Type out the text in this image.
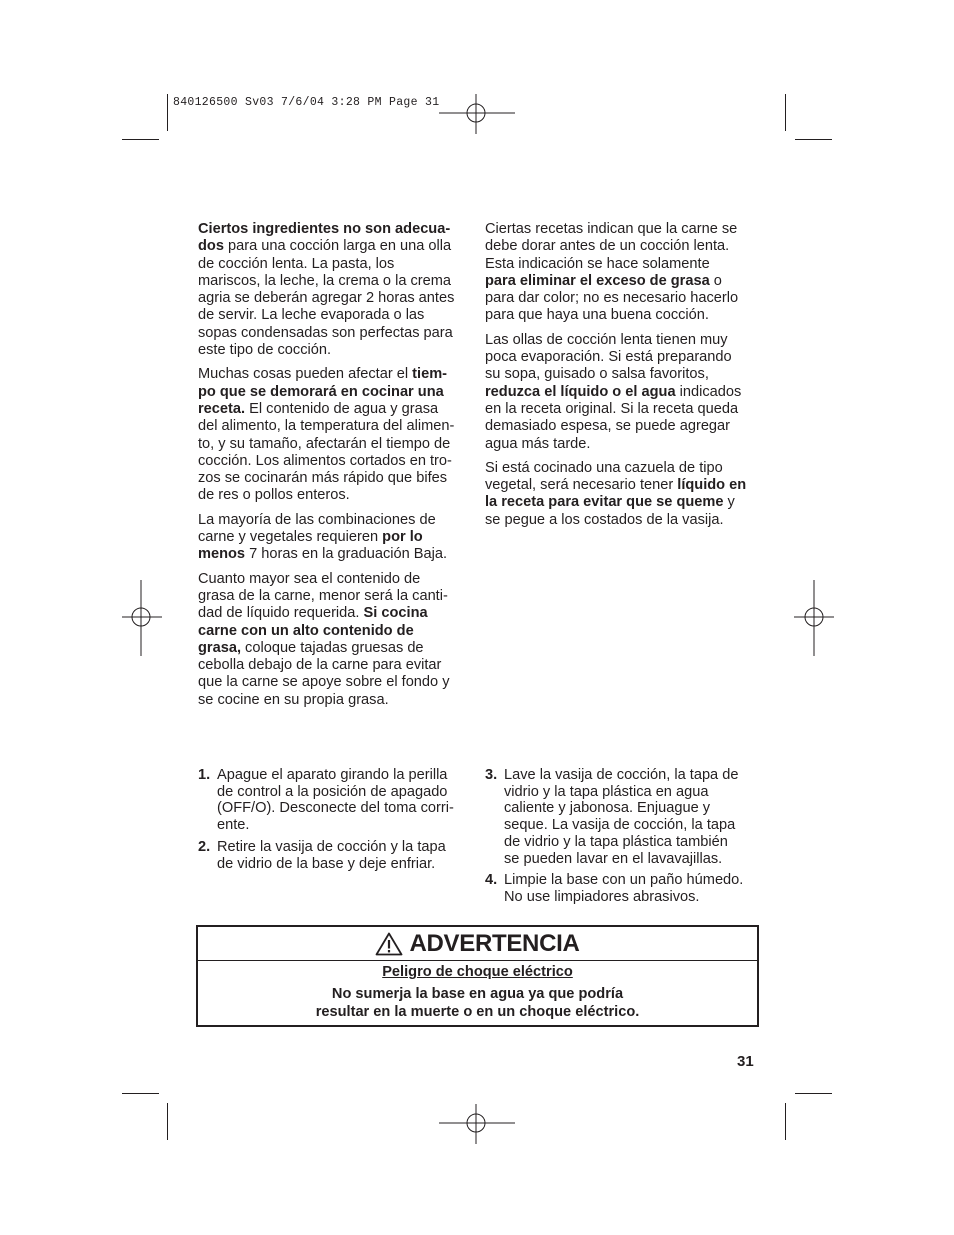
840126500 Sv03 7/6/04 3:28 PM Page 31

Ciertos ingredientes no son adecua-
dos para una cocción larga en una olla
de cocción lenta. La pasta, los
mariscos, la leche, la crema o la crema
agria se deberán agregar 2 horas antes
de servir. La leche evaporada o las
sopas condensadas son perfectas para
este tipo de cocción.

Muchas cosas pueden afectar el tiem-
po que se demorará en cocinar una
receta. El contenido de agua y grasa
del alimento, la temperatura del alimen-
to, y su tamaño, afectarán el tiempo de
cocción. Los alimentos cortados en tro-
zos se cocinarán más rápido que bifes
de res o pollos enteros.

La mayoría de las combinaciones de
carne y vegetales requieren por lo
menos 7 horas en la graduación Baja.

Cuanto mayor sea el contenido de
grasa de la carne, menor será la canti-
dad de líquido requerida. Si cocina
carne con un alto contenido de
grasa, coloque tajadas gruesas de
cebolla debajo de la carne para evitar
que la carne se apoye sobre el fondo y
se cocine en su propia grasa.

Ciertas recetas indican que la carne se
debe dorar antes de un cocción lenta.
Esta indicación se hace solamente
para eliminar el exceso de grasa o
para dar color; no es necesario hacerlo
para que haya una buena cocción.

Las ollas de cocción lenta tienen muy
poca evaporación. Si está preparando
su sopa, guisado o salsa favoritos,
reduzca el líquido o el agua indicados
en la receta original. Si la receta queda
demasiado espesa, se puede agregar
agua más tarde.

Si está cocinado una cazuela de tipo
vegetal, será necesario tener líquido en
la receta para evitar que se queme y
se pegue a los costados de la vasija.

1. Apague el aparato girando la perilla
de control a la posición de apagado
(OFF/O). Desconecte del toma corri-
ente.
2. Retire la vasija de cocción y la tapa
de vidrio de la base y deje enfriar.
3. Lave la vasija de cocción, la tapa de
vidrio y la tapa plástica en agua
caliente y jabonosa. Enjuague y
seque. La vasija de cocción, la tapa
de vidrio y la tapa plástica también
se pueden lavar en el lavavajillas.
4. Limpie la base con un paño húmedo.
No use limpiadores abrasivos.
ADVERTENCIA
Peligro de choque eléctrico
No sumerja la base en agua ya que podría
resultar en la muerte o en un choque eléctrico.
31
